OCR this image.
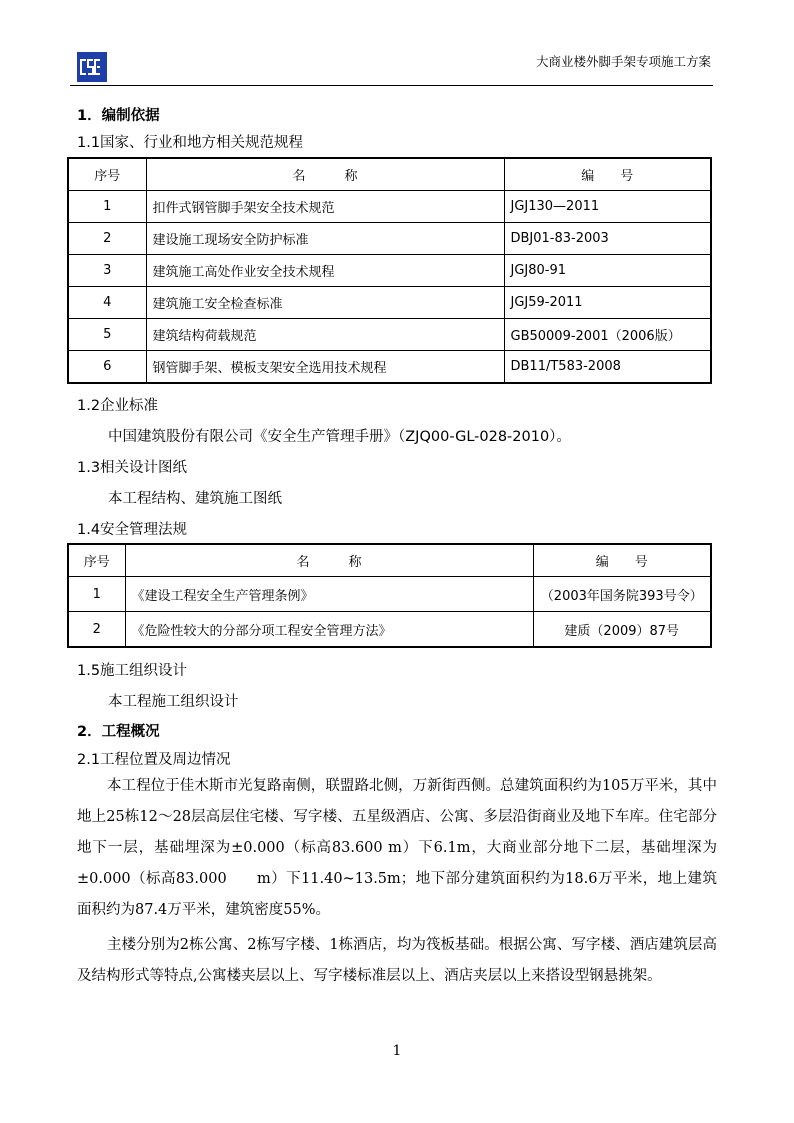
大商业楼外脚手架专项施工方案
1．编制依据
1.1国家、行业和地方相关规范规程
序号	名　　　称	编　　号
1	扣件式钢管脚手架安全技术规范	JGJ130—2011
2	建设施工现场安全防护标准	DBJ01-83-2003
3	建筑施工高处作业安全技术规程	JGJ80-91
4	建筑施工安全检查标准	JGJ59-2011
5	建筑结构荷载规范	GB50009-2001（2006版）
6	钢管脚手架、模板支架安全选用技术规程	DB11/T583-2008
1.2企业标准
中国建筑股份有限公司《安全生产管理手册》（ZJQ00-GL-028-2010）。
1.3相关设计图纸
本工程结构、建筑施工图纸
1.4安全管理法规
序号	名　　　称	编　　号
1	《建设工程安全生产管理条例》	（2003年国务院393号令）
2	《危险性较大的分部分项工程安全管理方法》	建质（2009）87号
1.5施工组织设计
本工程施工组织设计
2．工程概况
2.1工程位置及周边情况

本工程位于佳木斯市光复路南侧，联盟路北侧，万新街西侧。总建筑面积约为105万平米，其中地上25栋12～28层高层住宅楼、写字楼、五星级酒店、公寓、多层沿街商业及地下车库。住宅部分地下一层，基础埋深为±0.000（标高83.600 m）下6.1m，大商业部分地下二层，基础埋深为±0.000（标高83.000　　m）下11.40~13.5m；地下部分建筑面积约为18.6万平米，地上建筑面积约为87.4万平米，建筑密度55%。

主楼分别为2栋公寓、2栋写字楼、1栋酒店，均为筏板基础。根据公寓、写字楼、酒店建筑层高及结构形式等特点,公寓楼夹层以上、写字楼标准层以上、酒店夹层以上来搭设型钢悬挑架。

1
